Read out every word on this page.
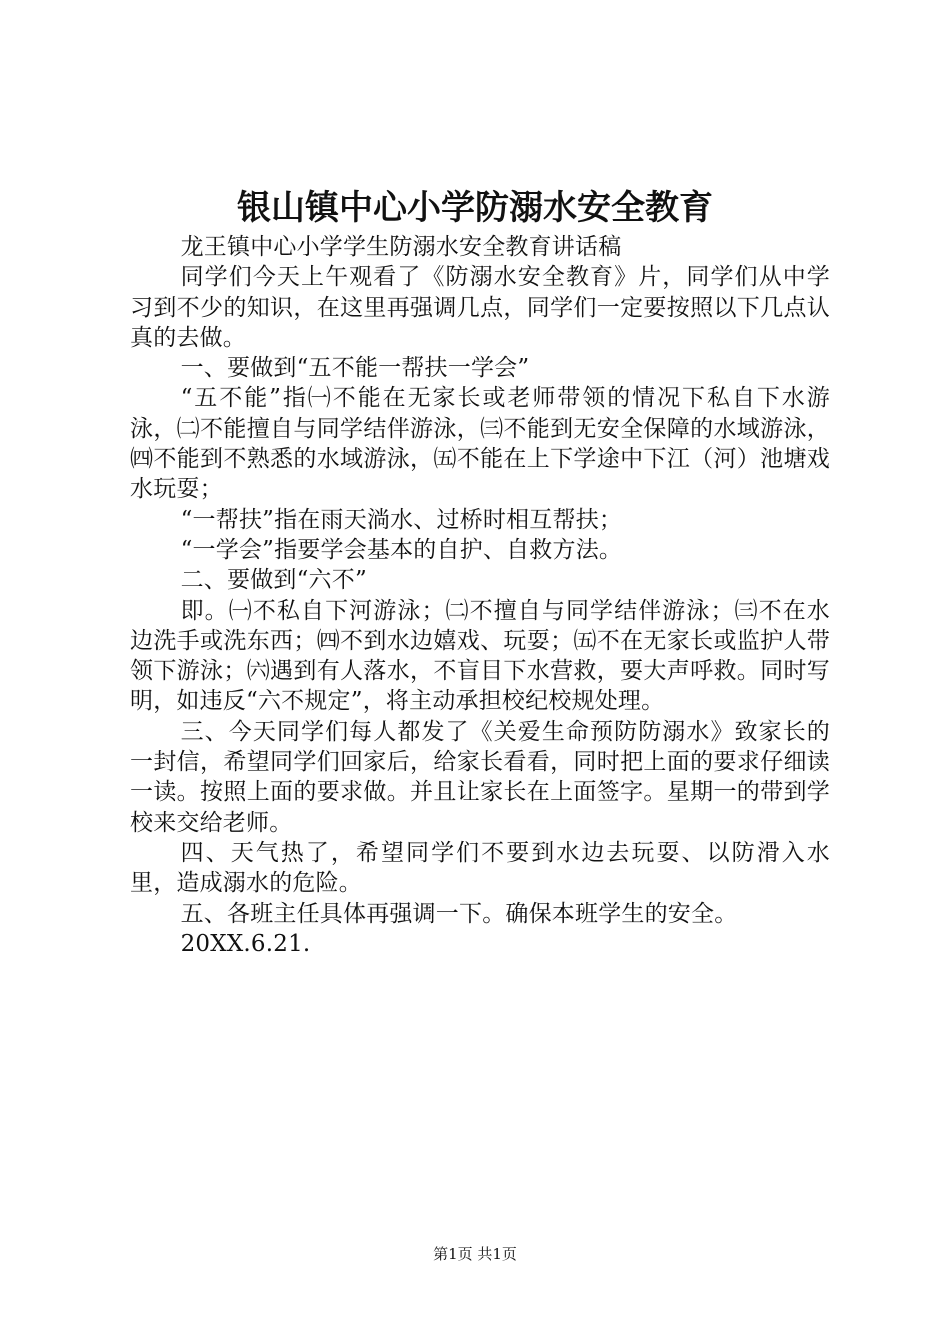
银山镇中心小学防溺水安全教育

龙王镇中心小学学生防溺水安全教育讲话稿

同学们今天上午观看了《防溺水安全教育》片，同学们从中学习到不少的知识，在这里再强调几点，同学们一定要按照以下几点认真的去做。

一、要做到“五不能一帮扶一学会”

“五不能”指㈠不能在无家长或老师带领的情况下私自下水游泳，㈡不能擅自与同学结伴游泳，㈢不能到无安全保障的水域游泳，㈣不能到不熟悉的水域游泳，㈤不能在上下学途中下江（河）池塘戏水玩耍；

“一帮扶”指在雨天淌水、过桥时相互帮扶；

“一学会”指要学会基本的自护、自救方法。

二、要做到“六不”

即。㈠不私自下河游泳；㈡不擅自与同学结伴游泳；㈢不在水边洗手或洗东西；㈣不到水边嬉戏、玩耍；㈤不在无家长或监护人带领下游泳；㈥遇到有人落水，不盲目下水营救，要大声呼救。同时写明，如违反“六不规定”，将主动承担校纪校规处理。

三、今天同学们每人都发了《关爱生命预防防溺水》致家长的一封信，希望同学们回家后，给家长看看，同时把上面的要求仔细读一读。按照上面的要求做。并且让家长在上面签字。星期一的带到学校来交给老师。

四、天气热了，希望同学们不要到水边去玩耍、以防滑入水里，造成溺水的危险。

五、各班主任具体再强调一下。确保本班学生的安全。

20XX.6.21.

第1页 共1页
